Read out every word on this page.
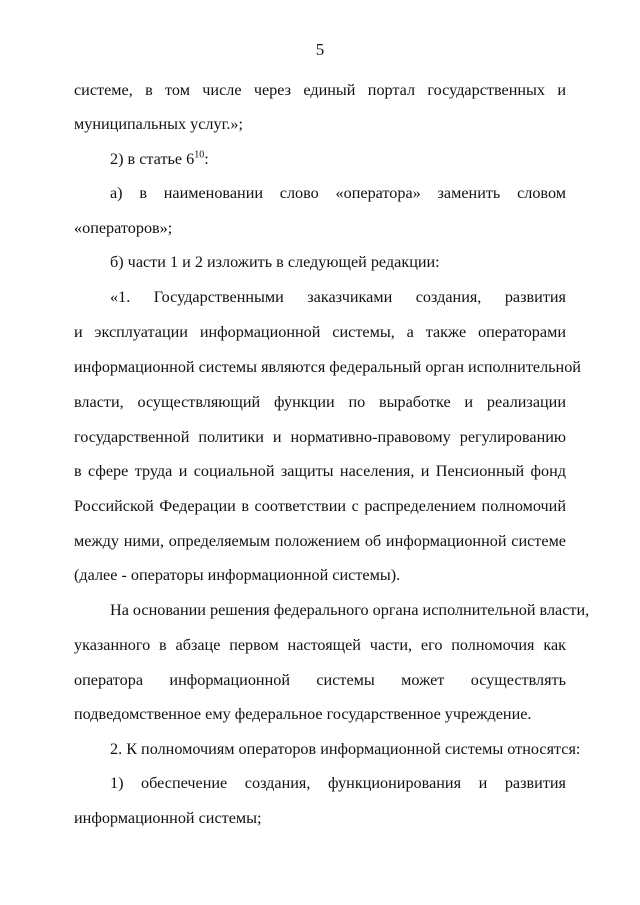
5
системе, в том числе через единый портал государственных и
муниципальных услуг.»;
2) в статье $6^{10}$:
а) в наименовании слово «оператора» заменить словом
«операторов»;
б) части 1 и 2 изложить в следующей редакции:
«1. Государственными заказчиками создания, развития
и эксплуатации информационной системы, а также операторами
информационной системы являются федеральный орган исполнительной
власти, осуществляющий функции по выработке и реализации
государственной политики и нормативно-правовому регулированию
в сфере труда и социальной защиты населения, и Пенсионный фонд
Российской Федерации в соответствии с распределением полномочий
между ними, определяемым положением об информационной системе
(далее - операторы информационной системы).
На основании решения федерального органа исполнительной власти,
указанного в абзаце первом настоящей части, его полномочия как
оператора информационной системы может осуществлять
подведомственное ему федеральное государственное учреждение.
2. К полномочиям операторов информационной системы относятся:
1) обеспечение создания, функционирования и развития
информационной системы;
